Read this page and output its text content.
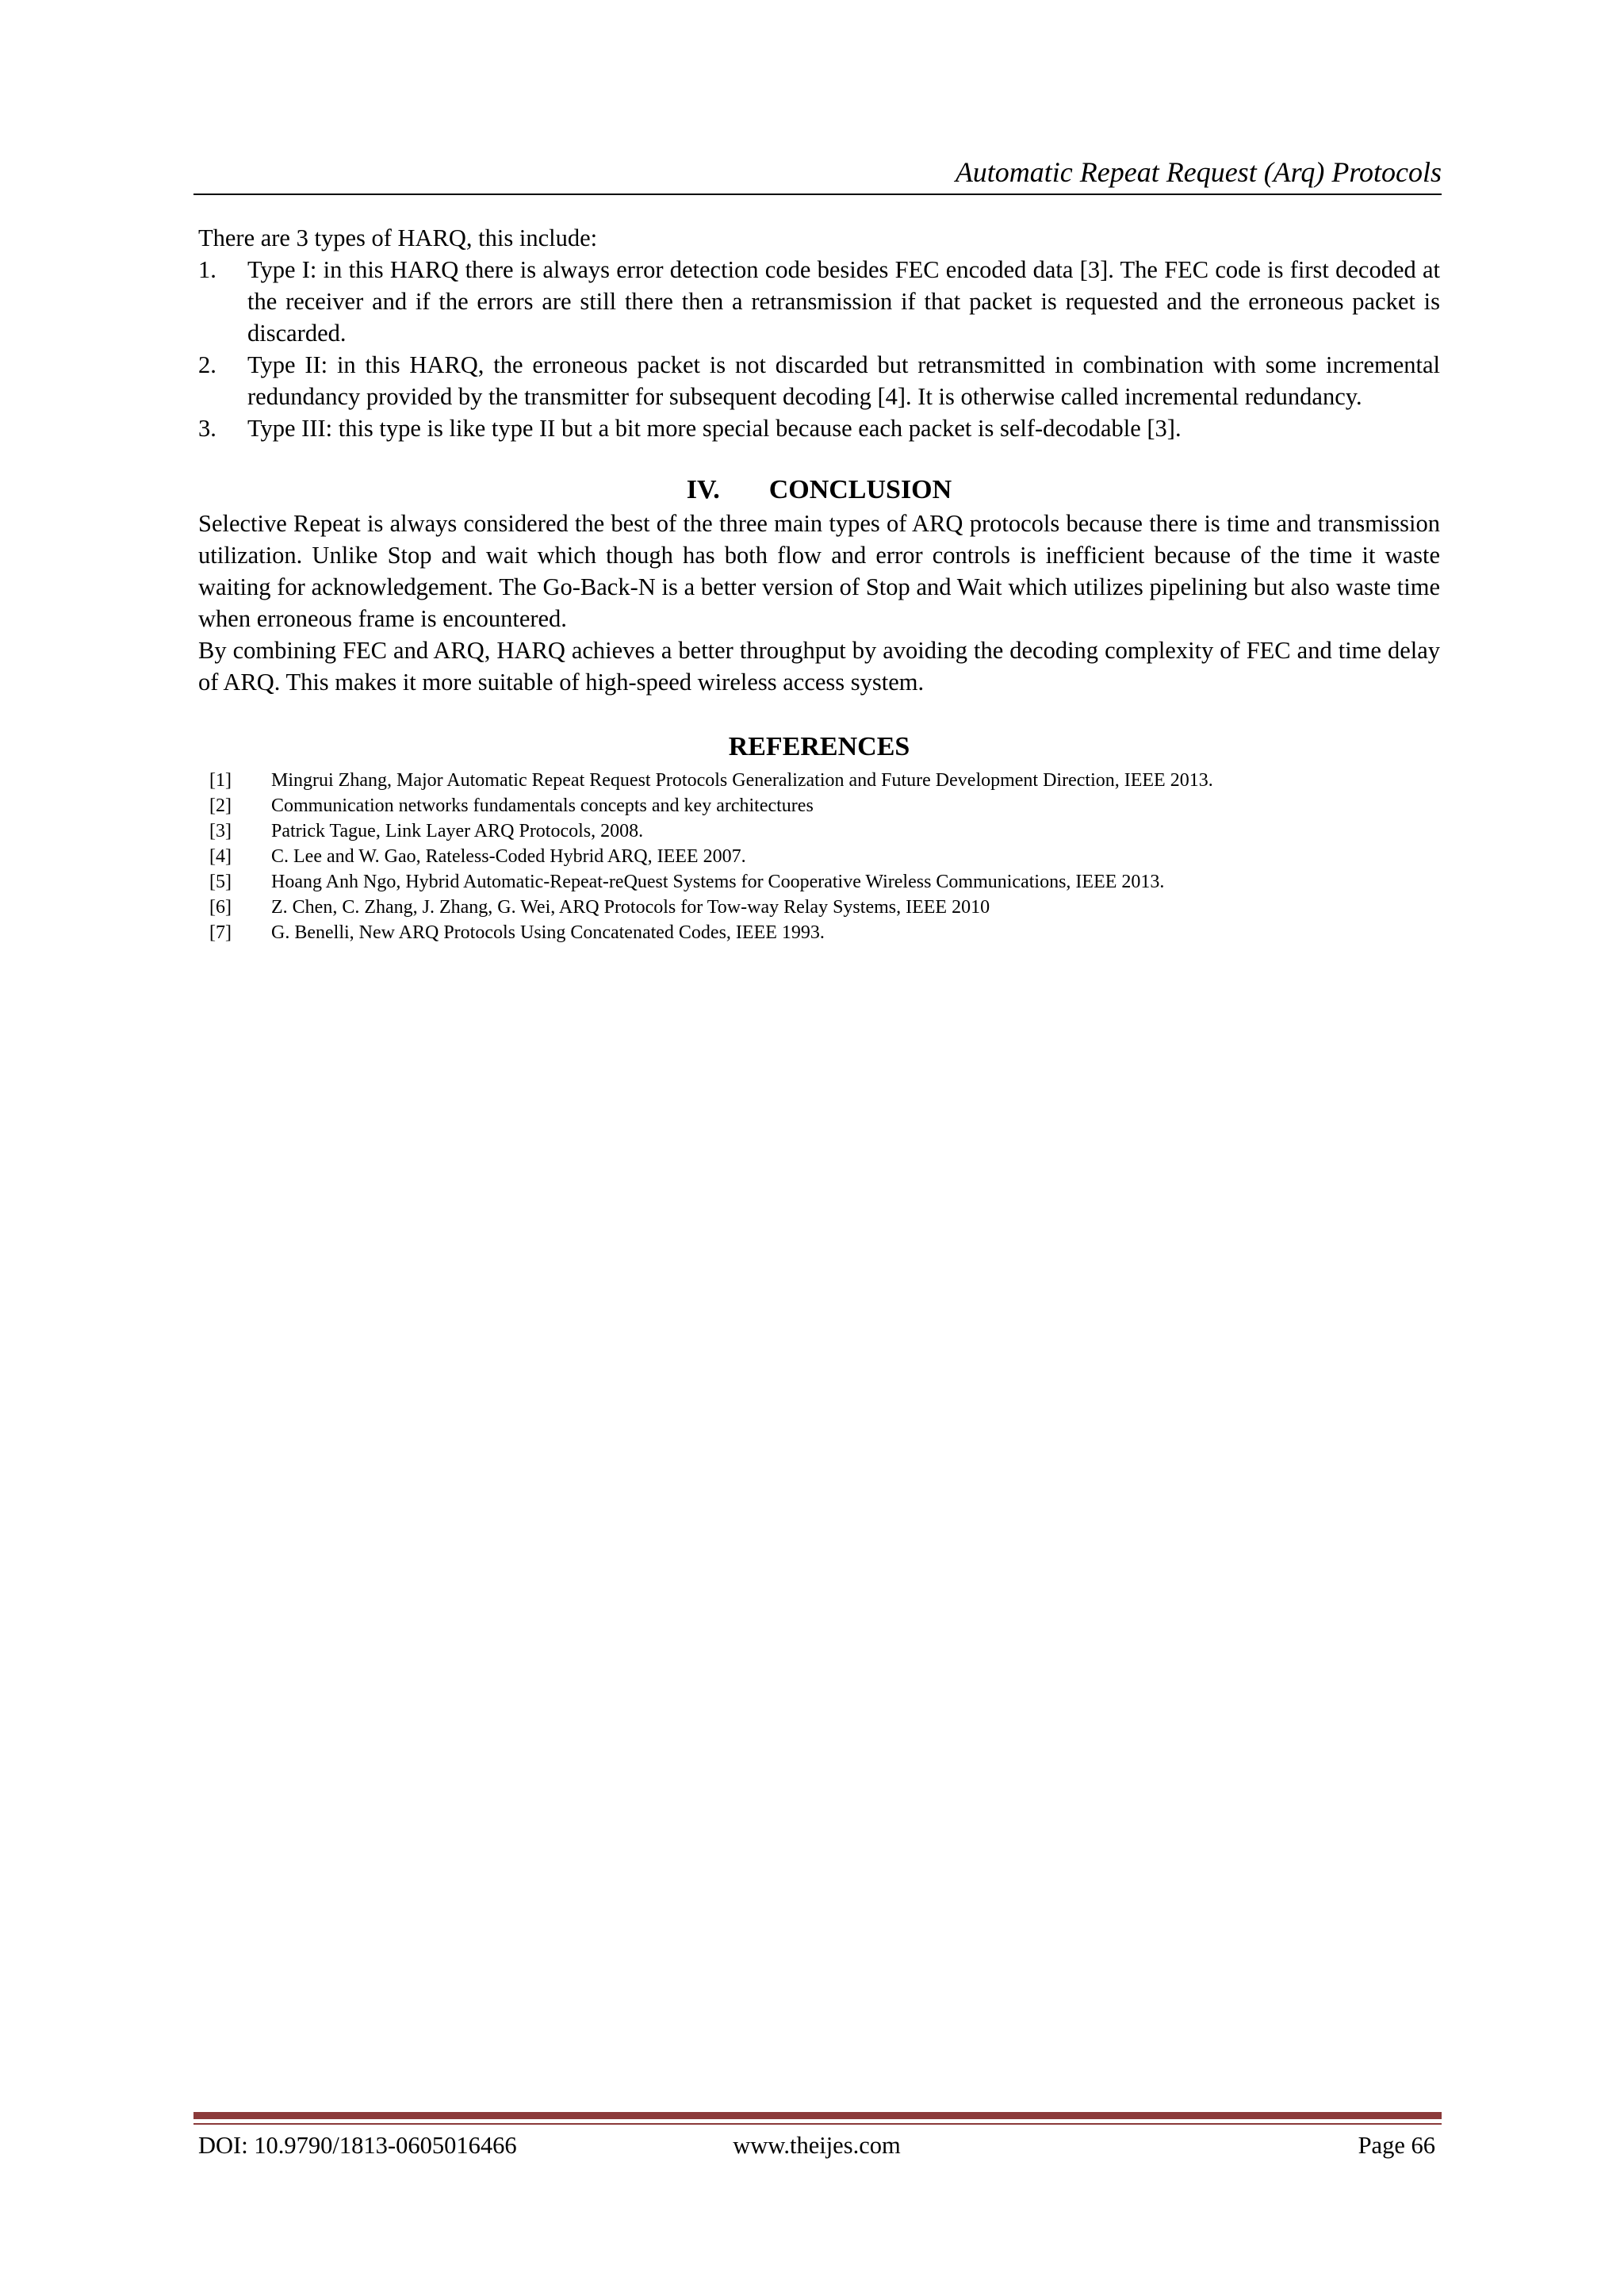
Automatic Repeat Request (Arq) Protocols

There are 3 types of HARQ, this include:

1. Type I: in this HARQ there is always error detection code besides FEC encoded data [3]. The FEC code is first decoded at the receiver and if the errors are still there then a retransmission if that packet is requested and the erroneous packet is discarded.
2. Type II: in this HARQ, the erroneous packet is not discarded but retransmitted in combination with some incremental redundancy provided by the transmitter for subsequent decoding [4]. It is otherwise called incremental redundancy.
3. Type III: this type is like type II but a bit more special because each packet is self-decodable [3].
IV. CONCLUSION

Selective Repeat is always considered the best of the three main types of ARQ protocols because there is time and transmission utilization. Unlike Stop and wait which though has both flow and error controls is inefficient because of the time it waste waiting for acknowledgement. The Go-Back-N is a better version of Stop and Wait which utilizes pipelining but also waste time when erroneous frame is encountered.

By combining FEC and ARQ, HARQ achieves a better throughput by avoiding the decoding complexity of FEC and time delay of ARQ. This makes it more suitable of high-speed wireless access system.

REFERENCES
[1] Mingrui Zhang, Major Automatic Repeat Request Protocols Generalization and Future Development Direction, IEEE 2013.
[2] Communication networks fundamentals concepts and key architectures
[3] Patrick Tague, Link Layer ARQ Protocols, 2008.
[4] C. Lee and W. Gao, Rateless-Coded Hybrid ARQ, IEEE 2007.
[5] Hoang Anh Ngo, Hybrid Automatic-Repeat-reQuest Systems for Cooperative Wireless Communications, IEEE 2013.
[6] Z. Chen, C. Zhang, J. Zhang, G. Wei, ARQ Protocols for Tow-way Relay Systems, IEEE 2010
[7] G. Benelli, New ARQ Protocols Using Concatenated Codes, IEEE 1993.
DOI: 10.9790/1813-0605016466	www.theijes.com	Page 66
